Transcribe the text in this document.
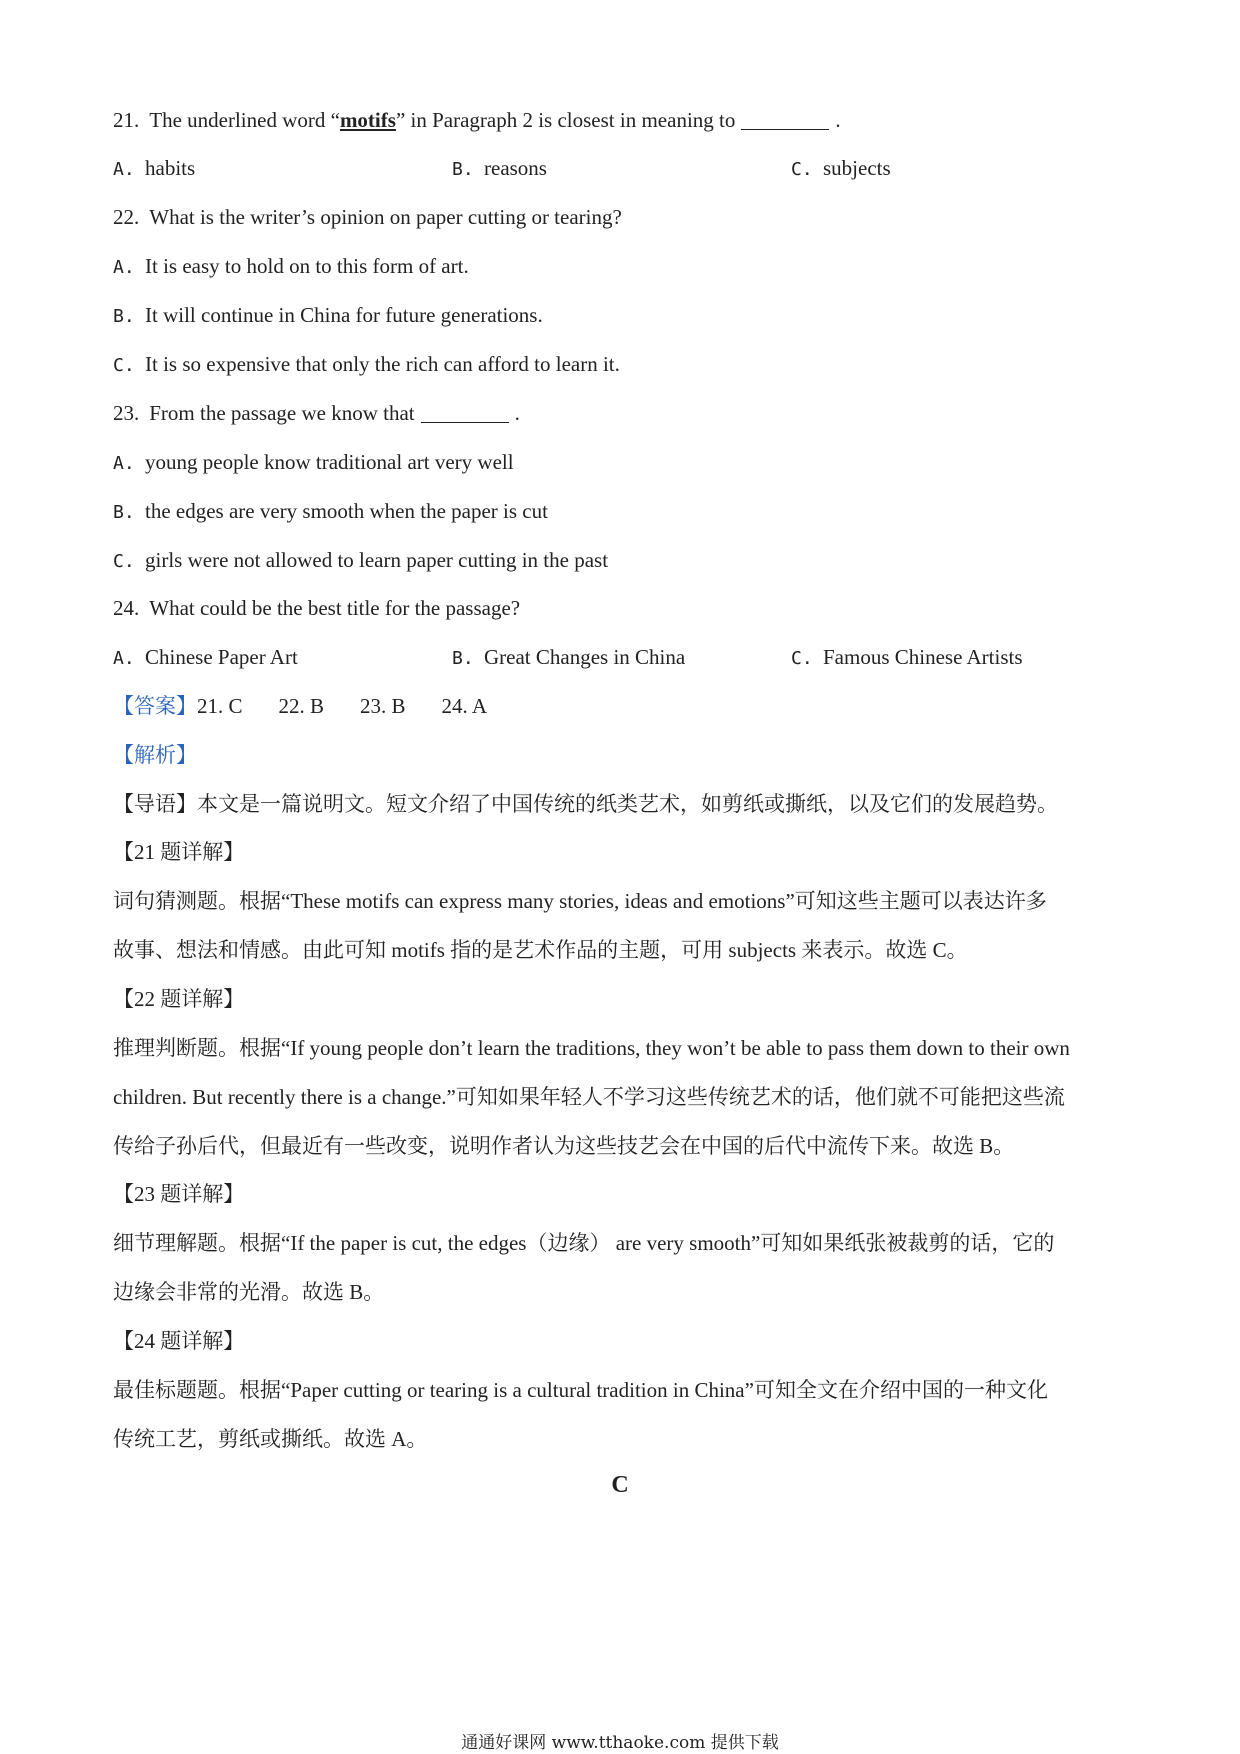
21. The underlined word “motifs” in Paragraph 2 is closest in meaning to	.
A. habits	B. reasons	C. subjects
22. What is the writer’s opinion on paper cutting or tearing?
A. It is easy to hold on to this form of art.
B. It will continue in China for future generations.
C. It is so expensive that only the rich can afford to learn it.
23. From the passage we know that	.
A. young people know traditional art very well
B. the edges are very smooth when the paper is cut
C. girls were not allowed to learn paper cutting in the past
24. What could be the best title for the passage?
A. Chinese Paper Art	B. Great Changes in China	C. Famous Chinese Artists
【答案】21. C 22. B 23. B 24. A
【解析】
【导语】本文是一篇说明文。短文介绍了中国传统的纸类艺术，如剪纸或撕纸，以及它们的发展趋势。
【21 题详解】
词句猜测题。根据“These motifs can express many stories, ideas and emotions”可知这些主题可以表达许多
故事、想法和情感。由此可知 motifs 指的是艺术作品的主题，可用 subjects 来表示。故选 C。
【22 题详解】
推理判断题。根据“If young people don’t learn the traditions, they won’t be able to pass them down to their own
children. But recently there is a change.”可知如果年轻人不学习这些传统艺术的话，他们就不可能把这些流
传给子孙后代，但最近有一些改变，说明作者认为这些技艺会在中国的后代中流传下来。故选 B。
【23 题详解】
细节理解题。根据“If the paper is cut, the edges（边缘） are very smooth”可知如果纸张被裁剪的话，它的
边缘会非常的光滑。故选 B。
【24 题详解】
最佳标题题。根据“Paper cutting or tearing is a cultural tradition in China”可知全文在介绍中国的一种文化
传统工艺，剪纸或撕纸。故选 A。
C
通通好课网 www.tthaoke.com 提供下载
